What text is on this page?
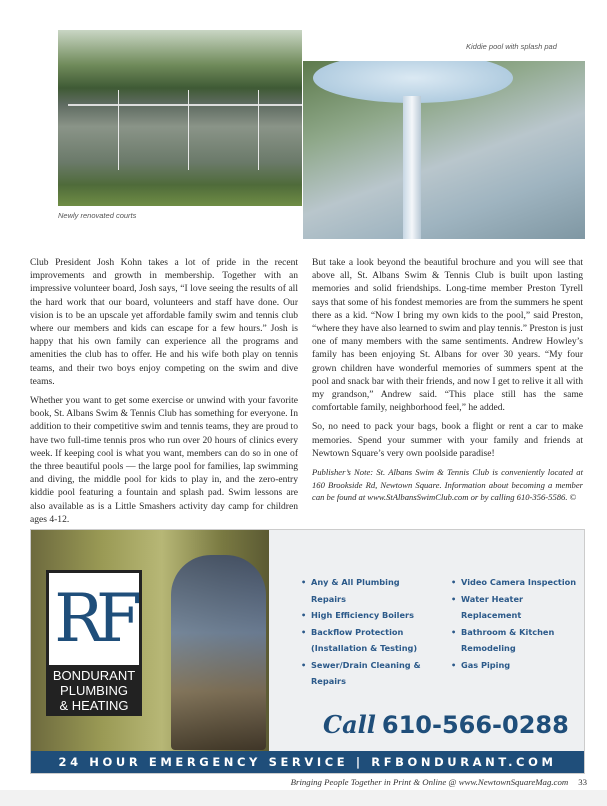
Newly renovated courts
Kiddie pool with splash pad

Club President Josh Kohn takes a lot of pride in the recent improvements and growth in membership. Together with an impressive volunteer board, Josh says, “I love seeing the results of all the hard work that our board, volunteers and staff have done. Our vision is to be an upscale yet affordable family swim and tennis club where our members and kids can escape for a few hours.” Josh is happy that his own family can experience all the programs and amenities the club has to offer. He and his wife both play on tennis teams, and their two boys enjoy competing on the swim and dive teams.

Whether you want to get some exercise or unwind with your favorite book, St. Albans Swim & Tennis Club has something for everyone. In addition to their competitive swim and tennis teams, they are proud to have two full-time tennis pros who run over 20 hours of clinics every week. If keeping cool is what you want, members can do so in one of the three beautiful pools — the large pool for families, lap swimming and diving, the middle pool for kids to play in, and the zero-entry kiddie pool featuring a fountain and splash pad. Swim lessons are also available as is a Little Smashers activity day camp for children ages 4-12.

But take a look beyond the beautiful brochure and you will see that above all, St. Albans Swim & Tennis Club is built upon lasting memories and solid friendships. Long-time member Preston Tyrell says that some of his fondest memories are from the summers he spent there as a kid. “Now I bring my own kids to the pool,” said Preston, “where they have also learned to swim and play tennis.” Preston is just one of many members with the same sentiments. Andrew Howley’s family has been enjoying St. Albans for over 30 years. “My four grown children have wonderful memories of summers spent at the pool and snack bar with their friends, and now I get to relive it all with my grandson,” Andrew said. “This place still has the same comfortable family, neighborhood feel,” he added.

So, no need to pack your bags, book a flight or rent a car to make memories. Spend your summer with your family and friends at Newtown Square’s very own poolside paradise!

Publisher’s Note: St. Albans Swim & Tennis Club is conveniently located at 160 Brookside Rd, Newtown Square. Information about becoming a member can be found at www.StAlbansSwimClub.com or by calling 610-356-5586. ©

RF
BONDURANT
PLUMBING
& HEATING
• Any & All Plumbing Repairs
• High Efficiency Boilers
• Backflow Protection (Installation & Testing)
• Sewer/Drain Cleaning & Repairs
• Video Camera Inspection
• Water Heater Replacement
• Bathroom & Kitchen Remodeling
• Gas Piping
Call 610-566-0288
24 HOUR EMERGENCY SERVICE | RFBONDURANT.COM
Bringing People Together in Print & Online @ www.NewtownSquareMag.com 33
